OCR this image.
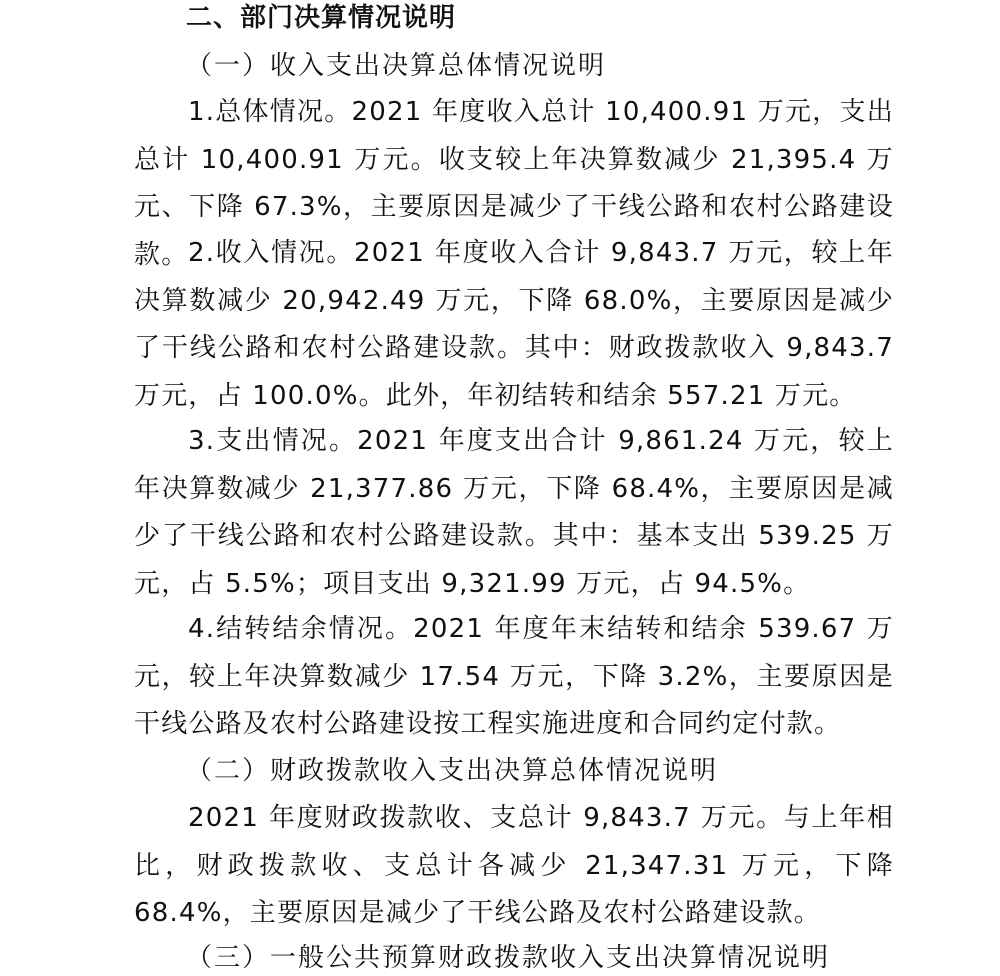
二、部门决算情况说明
（一）收入支出决算总体情况说明

1.总体情况。2021 年度收入总计 10,400.91 万元，支出总计 10,400.91 万元。收支较上年决算数减少 21,395.4 万元、下降 67.3%，主要原因是减少了干线公路和农村公路建设款。 2.收入情况。2021 年度收入合计 9,843.7 万元，较上年决算数减少 20,942.49 万元，下降 68.0%，主要原因是减少了干线公路和农村公路建设款。其中：财政拨款收入 9,843.7 万元，占 100.0%。此外，年初结转和结余 557.21 万元。

3.支出情况。2021 年度支出合计 9,861.24 万元，较上年决算数减少 21,377.86 万元，下降 68.4%，主要原因是减少了干线公路和农村公路建设款。其中：基本支出 539.25 万元，占 5.5%；项目支出 9,321.99 万元，占 94.5%。

4.结转结余情况。2021 年度年末结转和结余 539.67 万元，较上年决算数减少 17.54 万元，下降 3.2%，主要原因是干线公路及农村公路建设按工程实施进度和合同约定付款。

（二）财政拨款收入支出决算总体情况说明

2021 年度财政拨款收、支总计 9,843.7 万元。与上年相比，财政拨款收、支总计各减少 21,347.31 万元，下降 68.4%，主要原因是减少了干线公路及农村公路建设款。

（三）一般公共预算财政拨款收入支出决算情况说明
